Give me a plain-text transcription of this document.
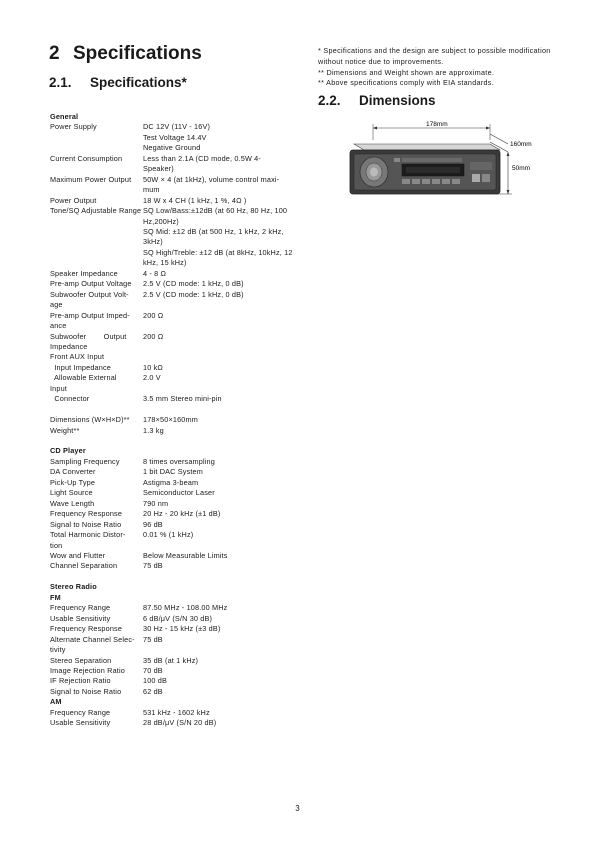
2 Specifications
2.1. Specifications*
* Specifications and the design are subject to possible modification without notice due to improvements.
** Dimensions and Weight shown are approximate.
** Above specifications comply with EIA standards.
2.2. Dimensions
178mm
160mm
50mm
General
Power Supply	DC 12V (11V - 16V)
Test Voltage 14.4V
Negative Ground
Current Consumption	Less than 2.1A (CD mode, 0.5W 4-
Speaker)
Maximum Power Output	50W × 4 (at 1kHz), volume control maxi-
mum
Power Output	18 W x 4 CH (1 kHz, 1 %, 4Ω )
Tone/SQ Adjustable Range SQ Low/Bass:±12dB (at 60 Hz, 80 Hz, 100 Hz,200Hz)
SQ Mid: ±12 dB (at 500 Hz, 1 kHz, 2 kHz, 3kHz)
SQ High/Treble: ±12 dB (at 8kHz, 10kHz, 12 kHz, 15 kHz)
Speaker Impedance	4 - 8 Ω
Pre-amp Output Voltage	2.5 V (CD mode: 1 kHz, 0 dB)
Subwoofer Output Volt-	2.5 V (CD mode: 1 kHz, 0 dB)
age
Pre-amp Output Imped-	200 Ω
ance
Subwoofer        Output	200 Ω
Impedance
Front AUX Input
Input Impedance	10 kΩ
Allowable External	2.0 V
Input
Connector	3.5 mm Stereo mini-pin
Dimensions (W×H×D)**	178×50×160mm
Weight**	1.3 kg
CD Player
Sampling Frequency	8 times oversampling
DA Converter	1 bit DAC System
Pick-Up Type	Astigma 3-beam
Light Source	Semiconductor Laser
Wave Length	790 nm
Frequency Response	20 Hz - 20 kHz (±1 dB)
Signal to Noise Ratio	96 dB
Total Harmonic Distor-	0.01 % (1 kHz)
tion
Wow and Flutter	Below Measurable Limits
Channel Separation	75 dB
Stereo Radio
FM
Frequency Range	87.50 MHz - 108.00 MHz
Usable Sensitivity	6 dB/μV (S/N 30 dB)
Frequency Response	30 Hz - 15 kHz (±3 dB)
Alternate Channel Selec-	75 dB
tivity
Stereo Separation	35 dB (at 1 kHz)
Image Rejection Ratio	70 dB
IF Rejection Ratio	100 dB
Signal to Noise Ratio	62 dB
AM
Frequency Range	531 kHz - 1602 kHz
Usable Sensitivity	28 dB/μV (S/N 20 dB)
3
